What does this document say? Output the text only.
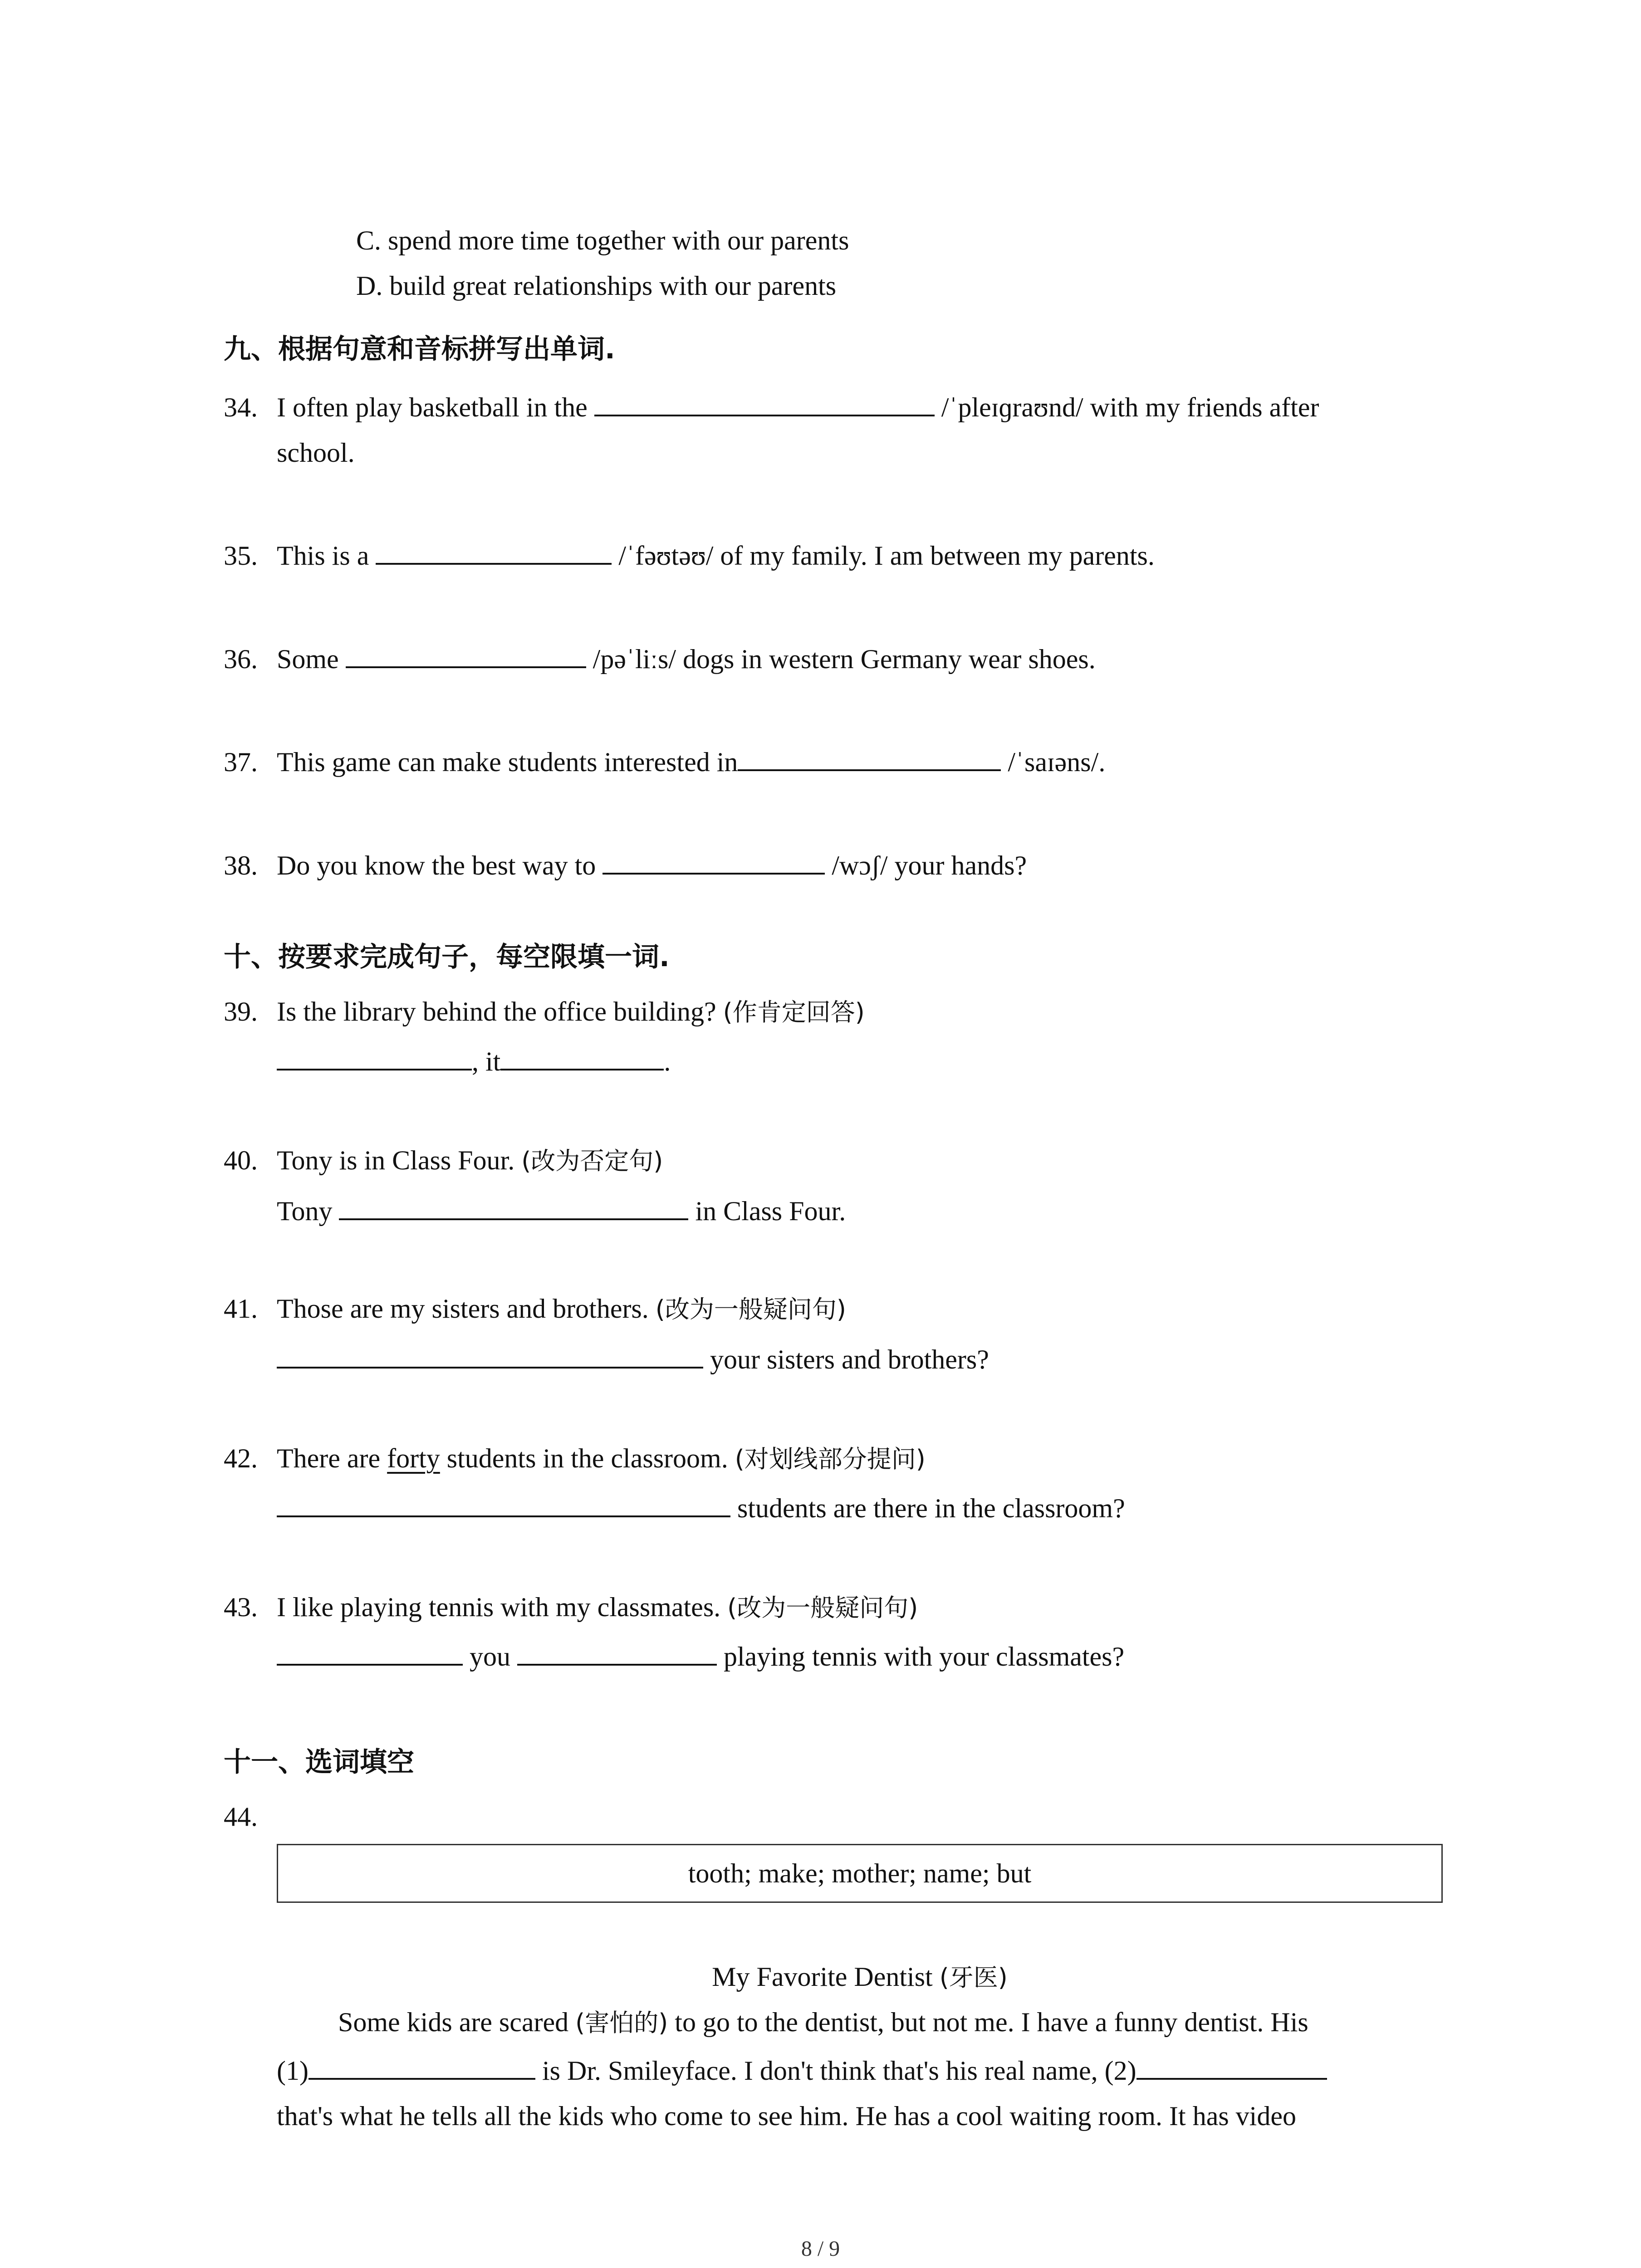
C. spend more time together with our parents
D. build great relationships with our parents
九、根据句意和音标拼写出单词.
34. I often play basketball in the	/ˈpleɪɡraʊnd/ with my friends after
school.
35. This is a	/ˈfəʊtəʊ/ of my family. I am between my parents.
36. Some	/pəˈliːs/ dogs in western Germany wear shoes.
37. This game can make students interested in	/ˈsaɪəns/.
38. Do you know the best way to	/wɔʃ/ your hands?
十、按要求完成句子，每空限填一词.
39. Is the library behind the office building? (作肯定回答)
, it	.
40. Tony is in Class Four. (改为否定句)
Tony	in Class Four.
41. Those are my sisters and brothers. (改为一般疑问句)
your sisters and brothers?
42. There are forty students in the classroom. (对划线部分提问)
students are there in the classroom?
43. I like playing tennis with my classmates. (改为一般疑问句)
you	playing tennis with your classmates?
十一、选词填空
44.
tooth; make; mother; name; but
My Favorite Dentist (牙医)
Some kids are scared (害怕的) to go to the dentist, but not me. I have a funny dentist. His
(1)	is Dr. Smileyface. I don't think that's his real name, (2)
that's what he tells all the kids who come to see him. He has a cool waiting room. It has video
8 / 9
